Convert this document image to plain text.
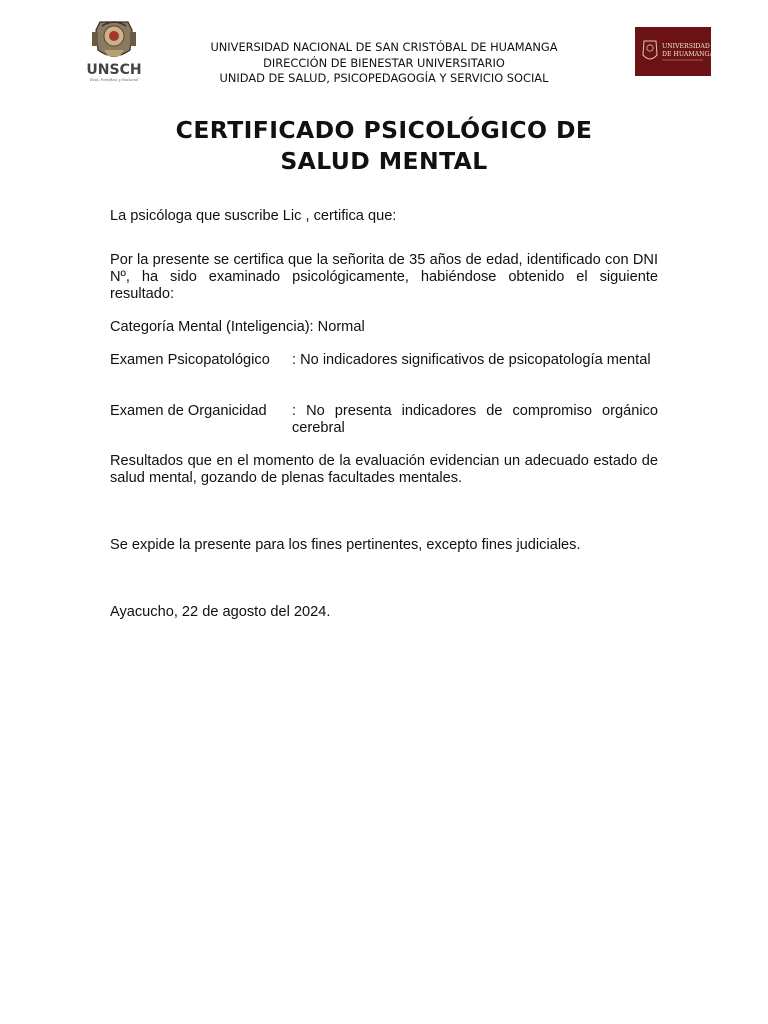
UNSCH
Real, Pontificia y Nacional
UNIVERSIDAD NACIONAL DE SAN CRISTÓBAL DE HUAMANGA
DIRECCIÓN DE BIENESTAR UNIVERSITARIO
UNIDAD DE SALUD, PSICOPEDAGOGÍA Y SERVICIO SOCIAL
UNIVERSIDAD
DE HUAMANGA
CERTIFICADO PSICOLÓGICO DE
SALUD MENTAL
La psicóloga que suscribe Lic , certifica que:
Por la presente se certifica que la señorita de 35 años de edad, identificado con DNI Nº, ha sido examinado psicológicamente, habiéndose obtenido el siguiente resultado:
Categoría Mental (Inteligencia): Normal
Examen Psicopatológico : No indicadores significativos de psicopatología mental
Examen de Organicidad : No presenta indicadores de compromiso orgánico cerebral
Resultados que en el momento de la evaluación evidencian un adecuado estado de salud mental, gozando de plenas facultades mentales.
Se expide la presente para los fines pertinentes, excepto fines judiciales.
Ayacucho, 22 de agosto del 2024.
